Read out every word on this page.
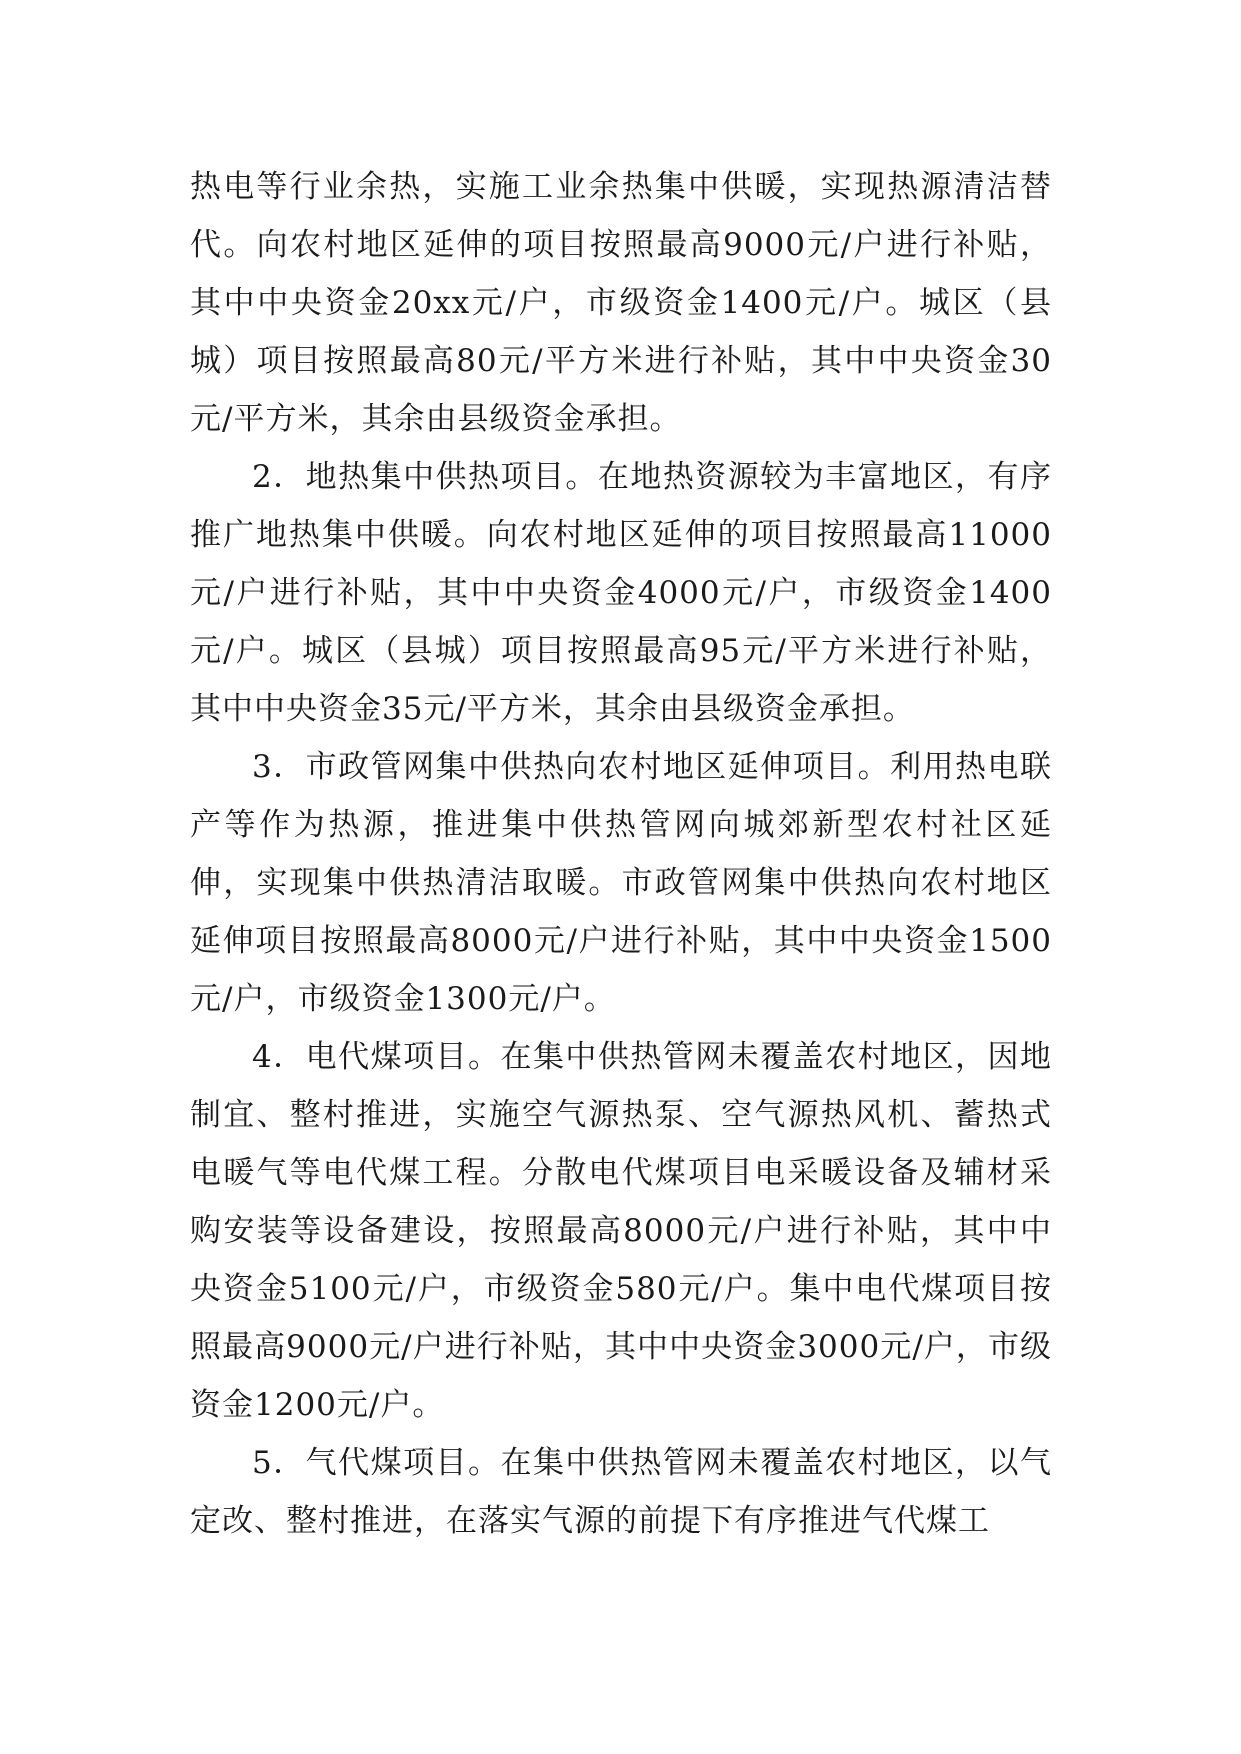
热电等行业余热，实施工业余热集中供暖，实现热源清洁替代。向农村地区延伸的项目按照最高9000元/户进行补贴，其中中央资金20xx元/户，市级资金1400元/户。城区（县城）项目按照最高80元/平方米进行补贴，其中中央资金30元/平方米，其余由县级资金承担。

2．地热集中供热项目。在地热资源较为丰富地区，有序推广地热集中供暖。向农村地区延伸的项目按照最高11000元/户进行补贴，其中中央资金4000元/户，市级资金1400元/户。城区（县城）项目按照最高95元/平方米进行补贴，其中中央资金35元/平方米，其余由县级资金承担。

3．市政管网集中供热向农村地区延伸项目。利用热电联产等作为热源，推进集中供热管网向城郊新型农村社区延伸，实现集中供热清洁取暖。市政管网集中供热向农村地区延伸项目按照最高8000元/户进行补贴，其中中央资金1500元/户，市级资金1300元/户。

4．电代煤项目。在集中供热管网未覆盖农村地区，因地制宜、整村推进，实施空气源热泵、空气源热风机、蓄热式电暖气等电代煤工程。分散电代煤项目电采暖设备及辅材采购安装等设备建设，按照最高8000元/户进行补贴，其中中央资金5100元/户，市级资金580元/户。集中电代煤项目按照最高9000元/户进行补贴，其中中央资金3000元/户，市级资金1200元/户。

5．气代煤项目。在集中供热管网未覆盖农村地区，以气定改、整村推进，在落实气源的前提下有序推进气代煤工
